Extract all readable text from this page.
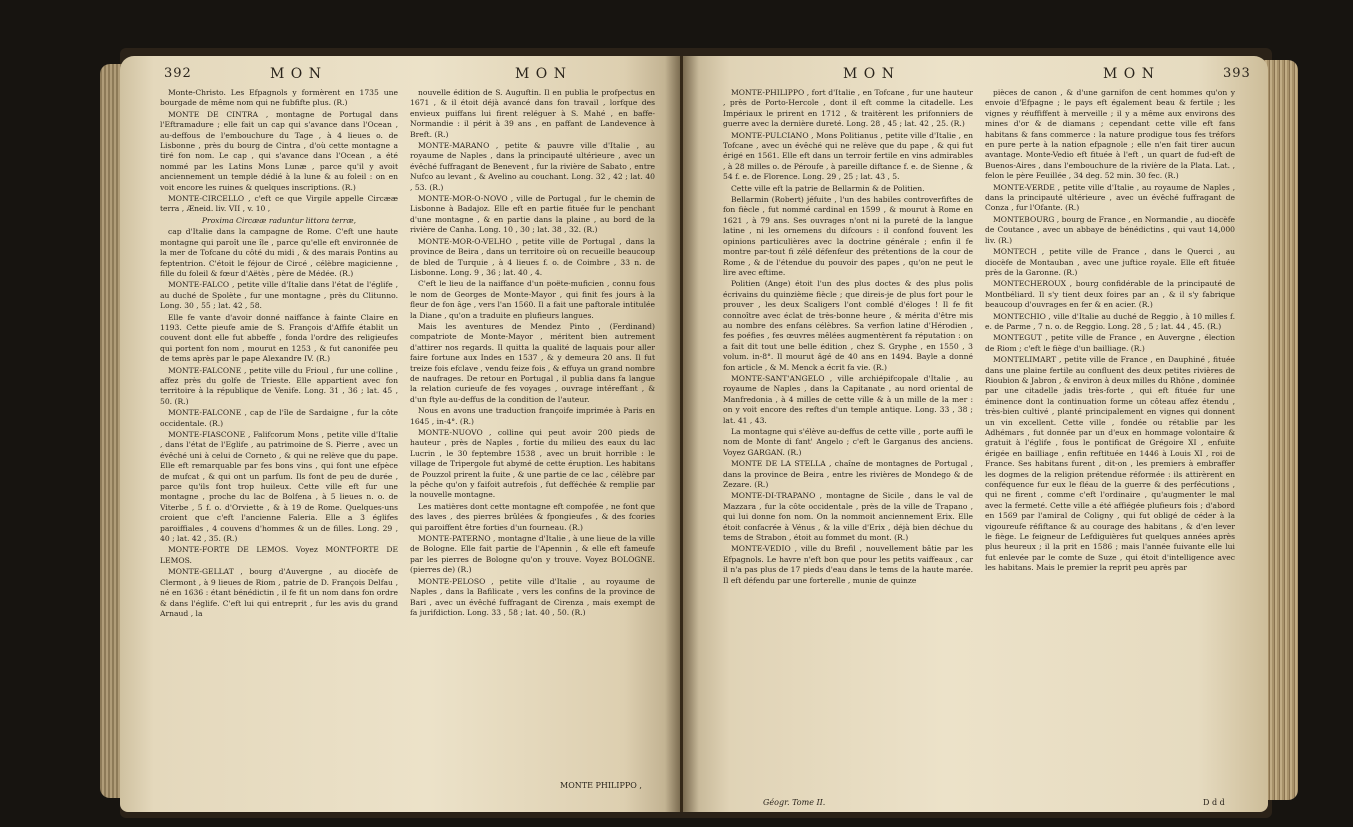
392	M O N	M O N

Monte-Christo. Les Efpagnols y formèrent en 1735 une bourgade de même nom qui ne fubfifte plus. (R.)

MONTE DE CINTRA , montagne de Portugal dans l'Eftramadure ; elle fait un cap qui s'avance dans l'Ocean , au-deffous de l'embouchure du Tage , à 4 lieues o. de Lisbonne , près du bourg de Cintra , d'où cette montagne a tiré fon nom. Le cap , qui s'avance dans l'Ocean , a été nommé par les Latins Mons Lunæ , parce qu'il y avoit anciennement un temple dédié à la lune & au foleil : on en voit encore les ruines & quelques inscriptions. (R.)

MONTE-CIRCELLO , c'eft ce que Virgile appelle Circææ terra , Æneid. liv. VII , v. 10 ,

Proxima Circææ raduntur littora terræ,

cap d'Italie dans la campagne de Rome. C'eft une haute montagne qui paroît une île , parce qu'elle eft environnée de la mer de Tofcane du côté du midi , & des marais Pontins au feptentrion. C'étoit le féjour de Circé , célèbre magicienne , fille du foleil & fœur d'Aëtès , père de Médée. (R.)

MONTE-FALCO , petite ville d'Italie dans l'état de l'églife , au duché de Spolète , fur une montagne , près du Clitunno. Long. 30 , 55 ; lat. 42 , 58.

Elle fe vante d'avoir donné naiffance à fainte Claire en 1193. Cette pieufe amie de S. François d'Affife établit un couvent dont elle fut abbeffe , fonda l'ordre des religieufes qui portent fon nom , mourut en 1253 , & fut canonifée peu de tems après par le pape Alexandre IV. (R.)

MONTE-FALCONE , petite ville du Frioul , fur une colline , affez près du golfe de Trieste. Elle appartient avec fon territoire à la république de Venife. Long. 31 , 36 ; lat. 45 , 50. (R.)

MONTE-FALCONE , cap de l'île de Sardaigne , fur la côte occidentale. (R.)

MONTE-FIASCONE , Falifcorum Mons , petite ville d'Italie , dans l'état de l'Eglife , au patrimoine de S. Pierre , avec un évêché uni à celui de Corneto , & qui ne relève que du pape. Elle eft remarquable par fes bons vins , qui font une efpèce de mufcat , & qui ont un parfum. Ils font de peu de durée , parce qu'ils font trop huileux. Cette ville eft fur une montagne , proche du lac de Bolfena , à 5 lieues n. o. de Viterbe , 5 f. o. d'Orviette , & à 19 de Rome. Quelques-uns croient que c'eft l'ancienne Faleria. Elle a 3 églifes paroiffiales , 4 couvens d'hommes & un de filles. Long. 29 , 40 ; lat. 42 , 35. (R.)

MONTE-FORTE DE LEMOS. Voyez MONTFORTE DE LEMOS.

MONTE-GELLAT , bourg d'Auvergne , au diocèfe de Clermont , à 9 lieues de Riom , patrie de D. François Delfau , né en 1636 : étant bénédictin , il fe fit un nom dans fon ordre & dans l'églife. C'eft lui qui entreprit , fur les avis du grand Arnaud , la

nouvelle édition de S. Auguftin. Il en publia le profpectus en 1671 , & il étoit déjà avancé dans fon travail , lorfque des envieux puiffans lui firent reléguer à S. Mahé , en baffe-Normandie : il périt à 39 ans , en paffant de Landevence à Breft. (R.)

MONTE-MARANO , petite & pauvre ville d'Italie , au royaume de Naples , dans la principauté ultérieure , avec un évêché fuffragant de Benevent , fur la rivière de Sabato , entre Nufco au levant , & Avelino au couchant. Long. 32 , 42 ; lat. 40 , 53. (R.)

MONTE-MOR-O-NOVO , ville de Portugal , fur le chemin de Lisbonne à Badajoz. Elle eft en partie fituée fur le penchant d'une montagne , & en partie dans la plaine , au bord de la rivière de Canha. Long. 10 , 30 ; lat. 38 , 32. (R.)

MONTE-MOR-O-VELHO , petite ville de Portugal , dans la province de Beira , dans un territoire où on recueille beaucoup de bled de Turquie , à 4 lieues f. o. de Coimbre , 33 n. de Lisbonne. Long. 9 , 36 ; lat. 40 , 4.

C'eft le lieu de la naiffance d'un poëte-muficien , connu fous le nom de Georges de Monte-Mayor , qui finit fes jours à la fleur de fon âge , vers l'an 1560. Il a fait une paftorale intitulée la Diane , qu'on a traduite en plufieurs langues.

Mais les aventures de Mendez Pinto , (Ferdinand) compatriote de Monte-Mayor , méritent bien autrement d'attirer nos regards. Il quitta la qualité de laquais pour aller faire fortune aux Indes en 1537 , & y demeura 20 ans. Il fut treize fois efclave , vendu feize fois , & effuya un grand nombre de naufrages. De retour en Portugal , il publia dans fa langue la relation curieufe de fes voyages , ouvrage intéreffant , & d'un ftyle au-deffus de la condition de l'auteur.

Nous en avons une traduction françoife imprimée à Paris en 1645 , in-4°. (R.)

MONTE-NUOVO , colline qui peut avoir 200 pieds de hauteur , près de Naples , fortie du milieu des eaux du lac Lucrin , le 30 feptembre 1538 , avec un bruit horrible : le village de Tripergole fut abymé de cette éruption. Les habitans de Pouzzol prirent la fuite , & une partie de ce lac , célèbre par la pêche qu'on y faifoit autrefois , fut defféchée & remplie par la nouvelle montagne.

Les matières dont cette montagne eft compofée , ne font que des laves , des pierres brûlées & fpongieufes , & des fcories qui paroiffent être forties d'un fourneau. (R.)

MONTE-PATERNO , montagne d'Italie , à une lieue de la ville de Bologne. Elle fait partie de l'Apennin , & elle eft fameufe par les pierres de Bologne qu'on y trouve. Voyez BOLOGNE. (pierres de) (R.)

MONTE-PELOSO , petite ville d'Italie , au royaume de Naples , dans la Bafilicate , vers les confins de la province de Bari , avec un évêché fuffragant de Cirenza , mais exempt de fa jurifdiction. Long. 33 , 58 ; lat. 40 , 50. (R.)

MONTE PHILIPPO ,
M O N	M O N	393

MONTE-PHILIPPO , fort d'Italie , en Tofcane , fur une hauteur , près de Porto-Hercole , dont il eft comme la citadelle. Les Impériaux le prirent en 1712 , & traitèrent les prifonniers de guerre avec la dernière dureté. Long. 28 , 45 ; lat. 42 , 25. (R.)

MONTE-PULCIANO , Mons Politianus , petite ville d'Italie , en Tofcane , avec un évêché qui ne relève que du pape , & qui fut érigé en 1561. Elle eft dans un terroir fertile en vins admirables , à 28 milles o. de Péroufe , à pareille diftance f. e. de Sienne , & 54 f. e. de Florence. Long. 29 , 25 ; lat. 43 , 5.

Cette ville eft la patrie de Bellarmin & de Politien.

Bellarmin (Robert) jéfuite , l'un des habiles controverfiftes de fon fiècle , fut nommé cardinal en 1599 , & mourut à Rome en 1621 , à 79 ans. Ses ouvrages n'ont ni la pureté de la langue latine , ni les ornemens du difcours : il confond fouvent les opinions particulières avec la doctrine générale ; enfin il fe montre par-tout fi zélé défenfeur des prétentions de la cour de Rome , & de l'étendue du pouvoir des papes , qu'on ne peut le lire avec eftime.

Politien (Ange) étoit l'un des plus doctes & des plus polis écrivains du quinzième fiècle ; que direis-je de plus fort pour le prouver , les deux Scaligers l'ont comblé d'éloges ! Il fe fit connoître avec éclat de très-bonne heure , & mérita d'être mis au nombre des enfans célèbres. Sa verfion latine d'Hérodien , fes poéfies , fes œuvres mêlées augmentèrent fa réputation : on a fait dit tout une belle édition , chez S. Gryphe , en 1550 , 3 volum. in-8°. Il mourut âgé de 40 ans en 1494. Bayle a donné fon article , & M. Menck a écrit fa vie. (R.)

MONTE-SANT'ANGELO , ville archiépifcopale d'Italie , au royaume de Naples , dans la Capitanate , au nord oriental de Manfredonia , à 4 milles de cette ville & à un mille de la mer : on y voit encore des reftes d'un temple antique. Long. 33 , 38 ; lat. 41 , 43.

La montagne qui s'élève au-deffus de cette ville , porte auffi le nom de Monte di fant' Angelo ; c'eft le Garganus des anciens. Voyez GARGAN. (R.)

MONTE DE LA STELLA , chaîne de montagnes de Portugal , dans la province de Beira , entre les rivières de Mondego & de Zezare. (R.)

MONTE-DI-TRAPANO , montagne de Sicile , dans le val de Mazzara , fur la côte occidentale , près de la ville de Trapano , qui lui donne fon nom. On la nommoit anciennement Erix. Elle étoit confacrée à Vénus , & la ville d'Erix , déjà bien déchue du tems de Strabon , étoit au fommet du mont. (R.)

MONTE-VEDIO , ville du Brefil , nouvellement bâtie par les Efpagnols. Le havre n'eft bon que pour les petits vaiffeaux , car il n'a pas plus de 17 pieds d'eau dans le tems de la haute marée. Il eft défendu par une forterelle , munie de quinze

pièces de canon , & d'une garnifon de cent hommes qu'on y envoie d'Efpagne ; le pays eft également beau & fertile ; les vignes y réuffiffent à merveille ; il y a même aux environs des mines d'or & de diamans ; cependant cette ville eft fans habitans & fans commerce : la nature prodigue tous fes tréfors en pure perte à la nation efpagnole ; elle n'en fait tirer aucun avantage. Monte-Vedio eft fituée à l'eft , un quart de fud-eft de Buenos-Aires , dans l'embouchure de la rivière de la Plata. Lat. , felon le père Feuillée , 34 deg. 52 min. 30 fec. (R.)

MONTE-VERDE , petite ville d'Italie , au royaume de Naples , dans la principauté ultérieure , avec un évêché fuffragant de Conza , fur l'Ofante. (R.)

MONTEBOURG , bourg de France , en Normandie , au diocèfe de Coutance , avec un abbaye de bénédictins , qui vaut 14,000 liv. (R.)

MONTECH , petite ville de France , dans le Querci , au diocèfe de Montauban , avec une juftice royale. Elle eft fituée près de la Garonne. (R.)

MONTECHEROUX , bourg confidérable de la principauté de Montbéliard. Il s'y tient deux foires par an , & il s'y fabrique beaucoup d'ouvrages en fer & en acier. (R.)

MONTECHIO , ville d'Italie au duché de Reggio , à 10 milles f. e. de Parme , 7 n. o. de Reggio. Long. 28 , 5 ; lat. 44 , 45. (R.)

MONTEGUT , petite ville de France , en Auvergne , élection de Riom ; c'eft le fiège d'un bailliage. (R.)

MONTELIMART , petite ville de France , en Dauphiné , fituée dans une plaine fertile au confluent des deux petites rivières de Rioubion & Jabron , & environ à deux milles du Rhône , dominée par une citadelle jadis très-forte , qui eft fituée fur une éminence dont la continuation forme un côteau affez étendu , très-bien cultivé , planté principalement en vignes qui donnent un vin excellent. Cette ville , fondée ou rétablie par les Adhémars , fut donnée par un d'eux en hommage volontaire & gratuit à l'églife , fous le pontificat de Grégoire XI , enfuite érigée en bailliage , enfin reftituée en 1446 à Louis XI , roi de France. Ses habitans furent , dit-on , les premiers à embraffer les dogmes de la religion prétendue réformée : ils attirèrent en conféquence fur eux le fléau de la guerre & des perfécutions , qui ne firent , comme c'eft l'ordinaire , qu'augmenter le mal avec la fermeté. Cette ville a été affiégée plufieurs fois ; d'abord en 1569 par l'amiral de Coligny , qui fut obligé de céder à la vigoureufe réfiftance & au courage des habitans , & d'en lever le fiège. Le feigneur de Lefdiguières fut quelques années après plus heureux ; il la prit en 1586 ; mais l'année fuivante elle lui fut enlevée par le comte de Suze , qui étoit d'intelligence avec les habitans. Mais le premier la reprit peu après par

Géogr. Tome II.	D d d
